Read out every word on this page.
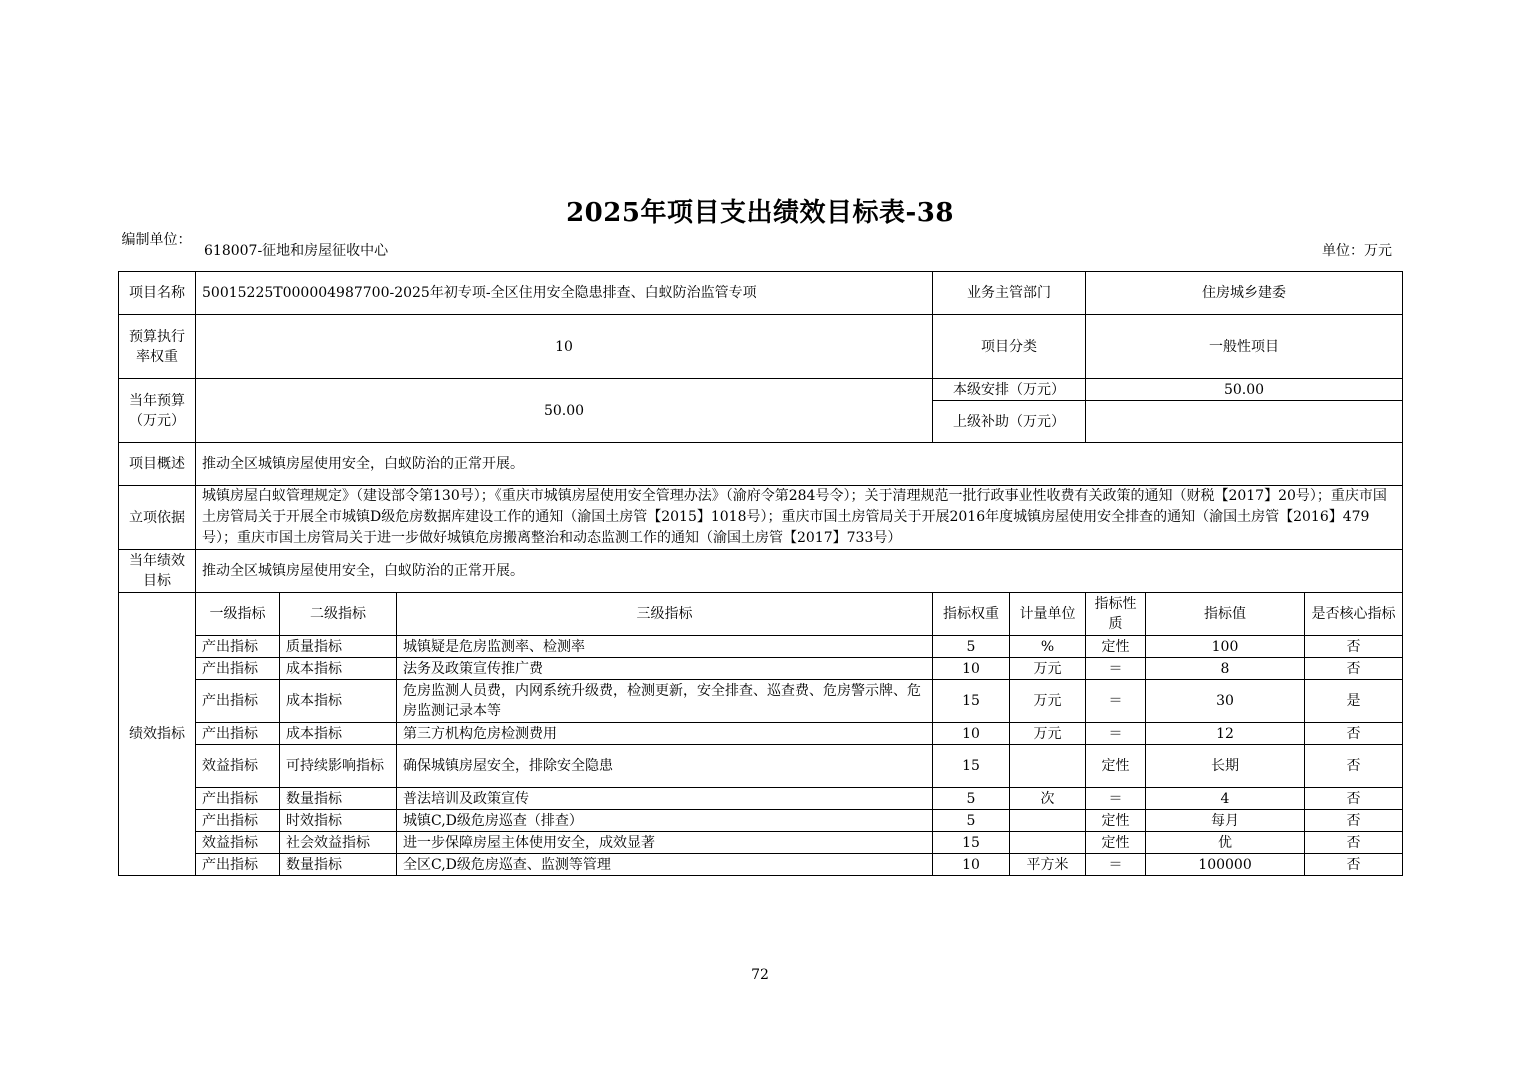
2025年项目支出绩效目标表-38
编制单位：
618007-征地和房屋征收中心	单位：万元
项目名称	50015225T000004987700-2025年初专项-全区住用安全隐患排查、白蚁防治监管专项			业务主管部门		住房城乡建委		
预算执行率权重	10			项目分类		一般性项目		
当年预算（万元）	50.00			本级安排（万元）		50.00		
				上级补助（万元）				
项目概述	推动全区城镇房屋使用安全，白蚁防治的正常开展。							
立项依据	城镇房屋白蚁管理规定》（建设部令第130号）；《重庆市城镇房屋使用安全管理办法》（渝府令第284号令）；关于清理规范一批行政事业性收费有关政策的通知（财税【2017】20号）；重庆市国土房管局关于开展全市城镇D级危房数据库建设工作的通知（渝国土房管【2015】1018号）；重庆市国土房管局关于开展2016年度城镇房屋使用安全排查的通知（渝国土房管【2016】479号）；重庆市国土房管局关于进一步做好城镇危房搬离整治和动态监测工作的通知（渝国土房管【2017】733号）							
当年绩效目标	推动全区城镇房屋使用安全，白蚁防治的正常开展。							
绩效指标	一级指标	二级指标	三级指标	指标权重	计量单位	指标性质	指标值	是否核心指标
	产出指标	质量指标	城镇疑是危房监测率、检测率	5	%	定性	100	否
	产出指标	成本指标	法务及政策宣传推广费	10	万元	＝	8	否
	产出指标	成本指标	危房监测人员费，内网系统升级费，检测更新，安全排查、巡查费、危房警示牌、危房监测记录本等	15	万元	＝	30	是
	产出指标	成本指标	第三方机构危房检测费用	10	万元	＝	12	否
	效益指标	可持续影响指标	确保城镇房屋安全，排除安全隐患	15		定性	长期	否
	产出指标	数量指标	普法培训及政策宣传	5	次	＝	4	否
	产出指标	时效指标	城镇C,D级危房巡查（排查）	5		定性	每月	否
	效益指标	社会效益指标	进一步保障房屋主体使用安全，成效显著	15		定性	优	否
	产出指标	数量指标	全区C,D级危房巡查、监测等管理	10	平方米	＝	100000	否
72
